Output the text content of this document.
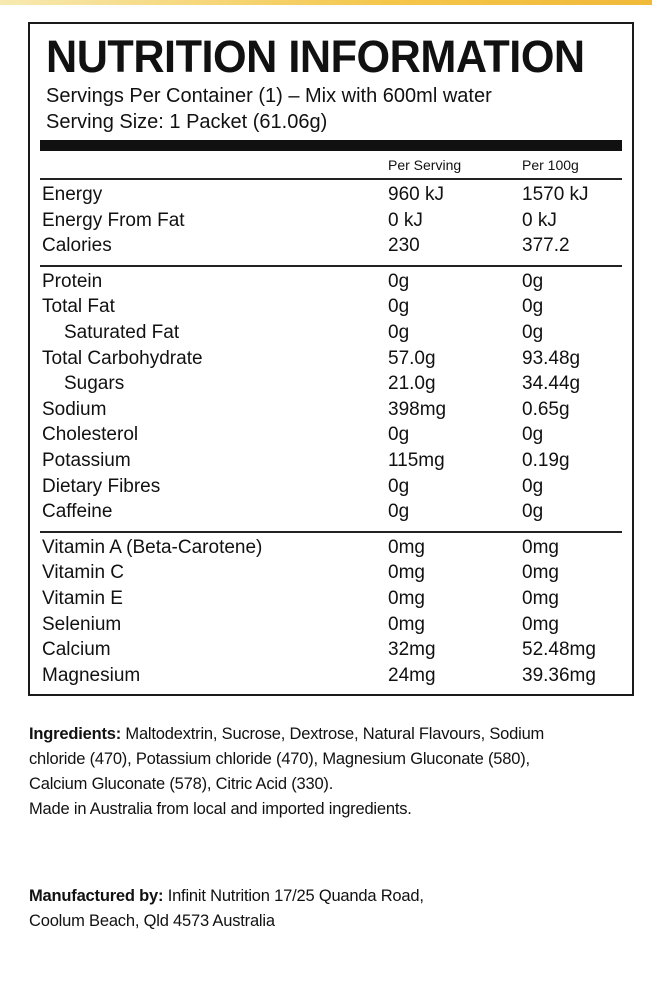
NUTRITION INFORMATION
Servings Per Container (1) – Mix with 600ml water
Serving Size: 1 Packet (61.06g)
Per Serving	Per 100g
Energy	960 kJ	1570 kJ
Energy From Fat	0 kJ	0 kJ
Calories	230	377.2
Protein	0g	0g
Total Fat	0g	0g
Saturated Fat	0g	0g
Total Carbohydrate	57.0g	93.48g
Sugars	21.0g	34.44g
Sodium	398mg	0.65g
Cholesterol	0g	0g
Potassium	115mg	0.19g
Dietary Fibres	0g	0g
Caffeine	0g	0g
Vitamin A (Beta-Carotene)	0mg	0mg
Vitamin C	0mg	0mg
Vitamin E	0mg	0mg
Selenium	0mg	0mg
Calcium	32mg	52.48mg
Magnesium	24mg	39.36mg
Ingredients: Maltodextrin, Sucrose, Dextrose, Natural Flavours, Sodium
chloride (470), Potassium chloride (470), Magnesium Gluconate (580),
Calcium Gluconate (578), Citric Acid (330).
Made in Australia from local and imported ingredients.
Manufactured by: Infinit Nutrition 17/25 Quanda Road,
Coolum Beach, Qld 4573 Australia
